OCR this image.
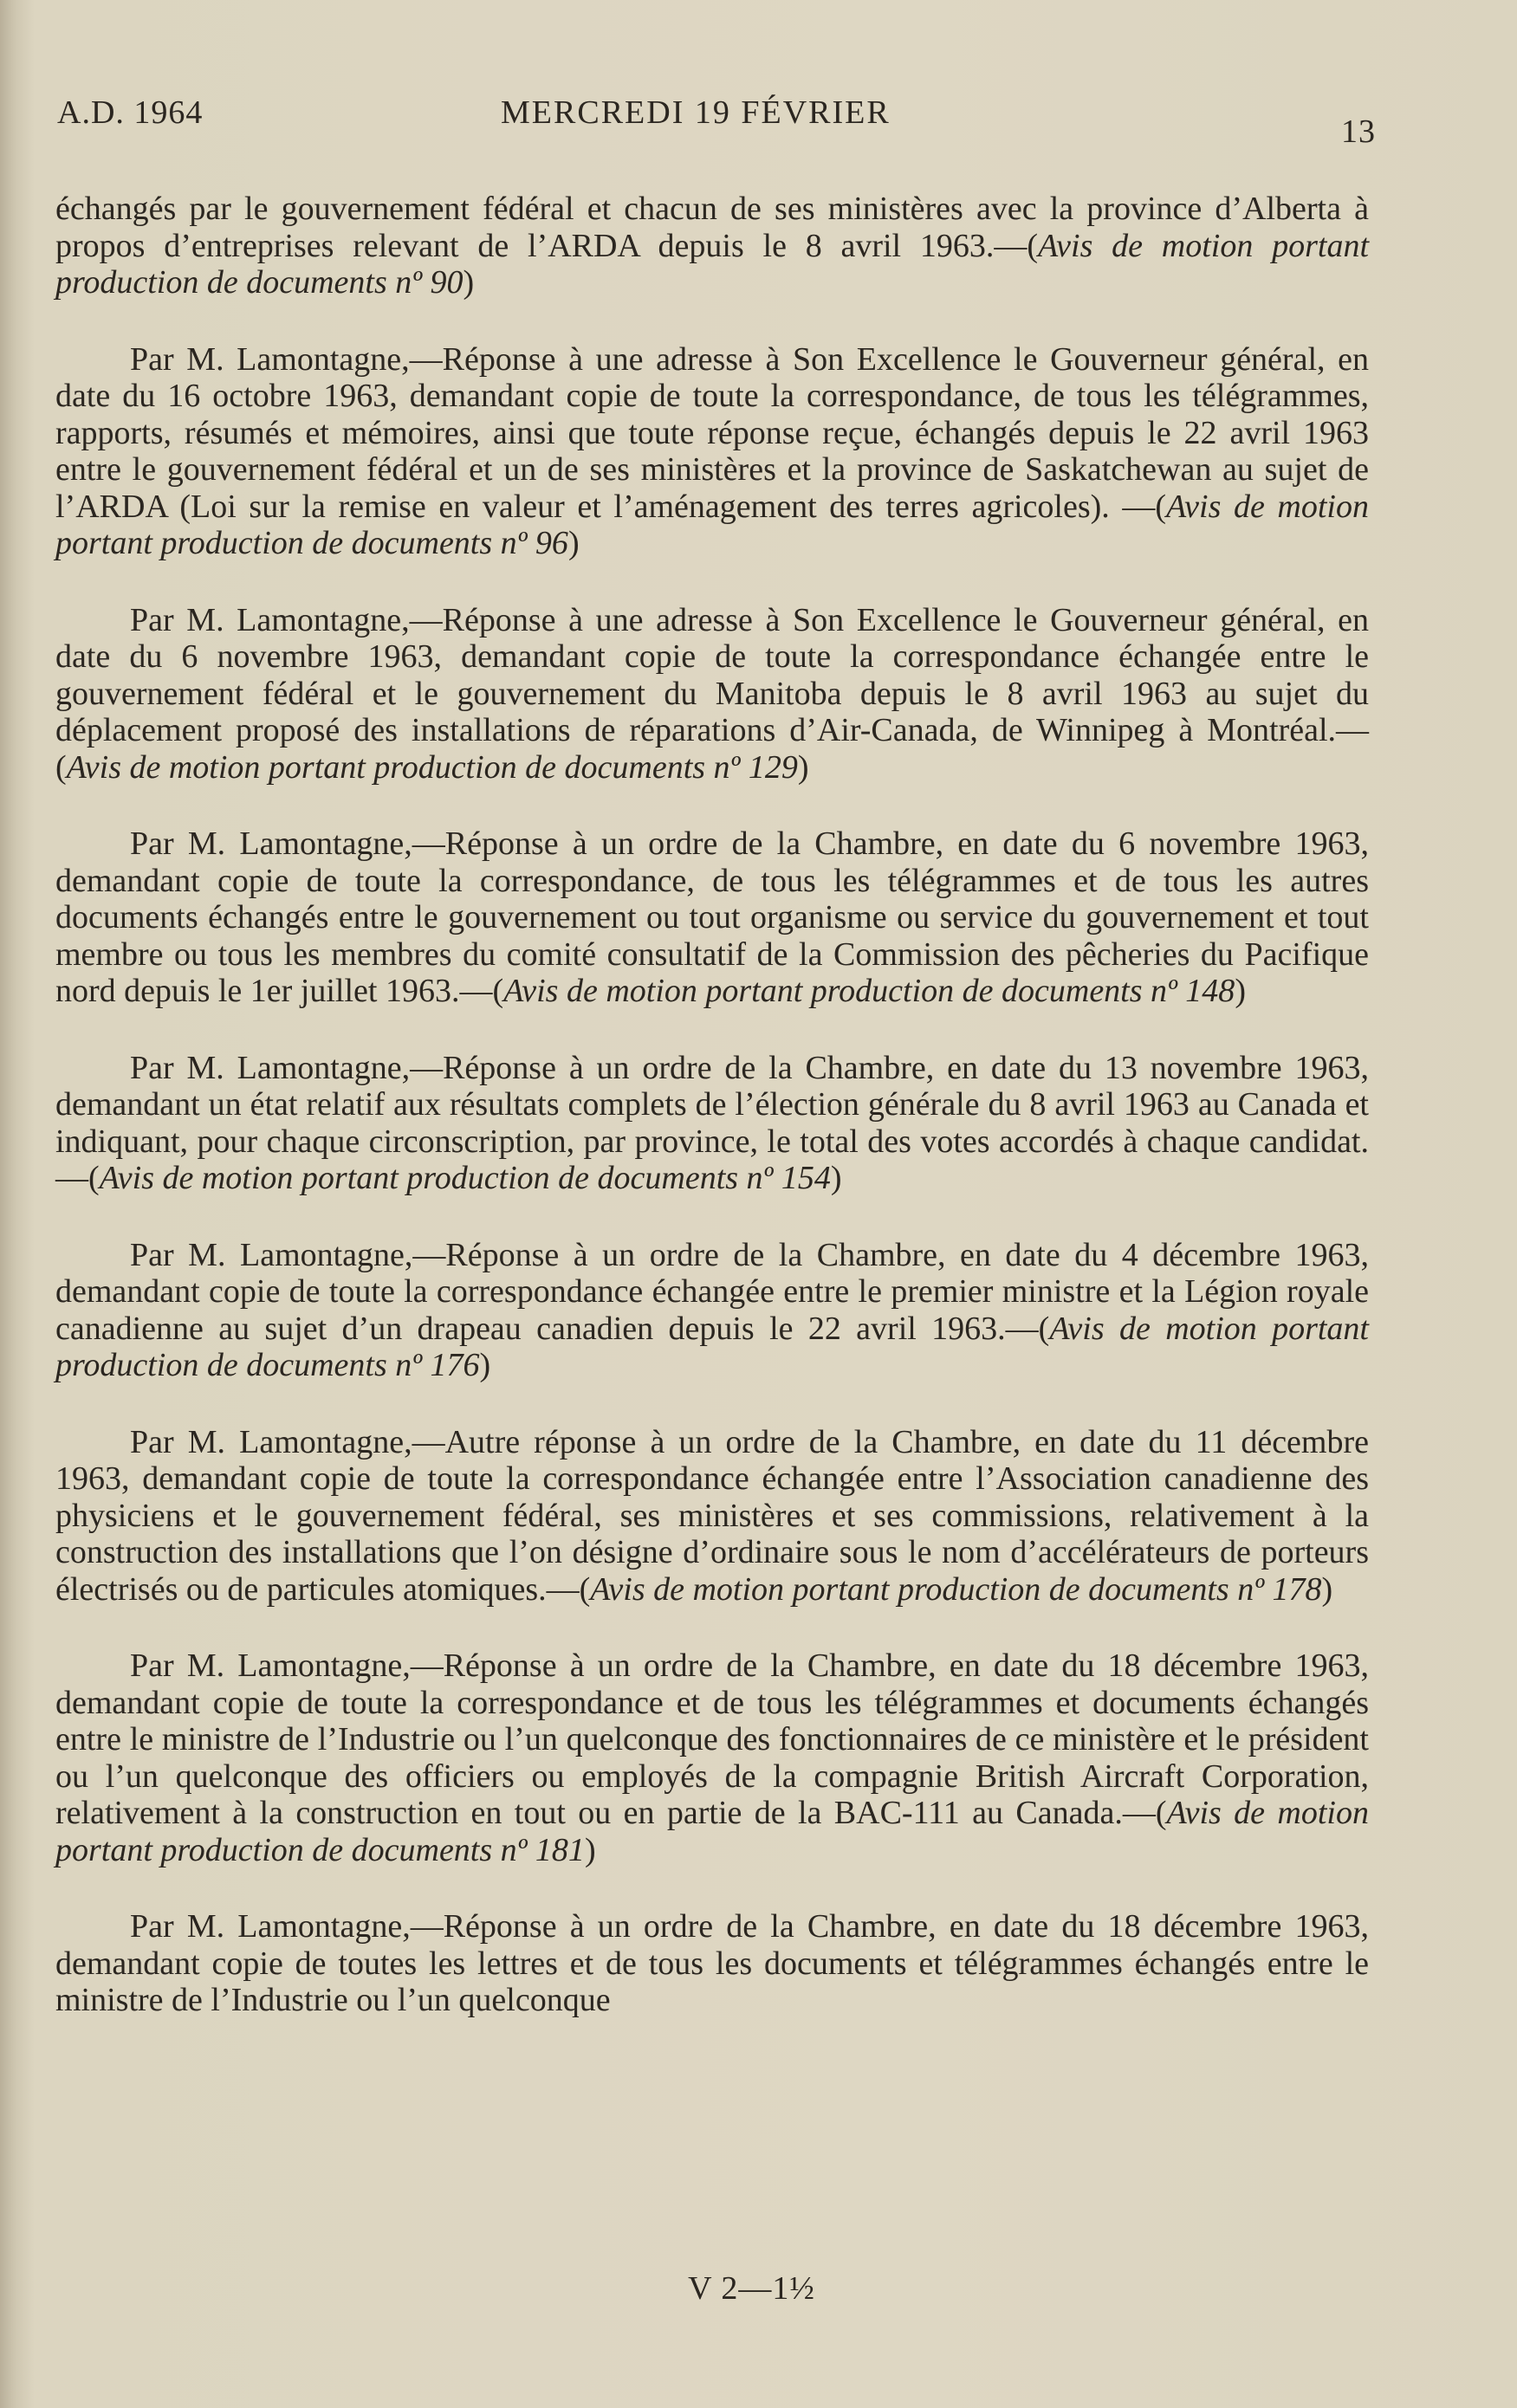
A.D. 1964	MERCREDI 19 FÉVRIER
13

échangés par le gouvernement fédéral et chacun de ses ministères avec la province d’Alberta à propos d’entreprises relevant de l’ARDA depuis le 8 avril 1963.—(Avis de motion portant production de documents nº 90)

Par M. Lamontagne,—Réponse à une adresse à Son Excellence le Gouverneur général, en date du 16 octobre 1963, demandant copie de toute la correspondance, de tous les télégrammes, rapports, résumés et mémoires, ainsi que toute réponse reçue, échangés depuis le 22 avril 1963 entre le gouvernement fédéral et un de ses ministères et la province de Saskatchewan au sujet de l’ARDA (Loi sur la remise en valeur et l’aménagement des terres agricoles). —(Avis de motion portant production de documents nº 96)

Par M. Lamontagne,—Réponse à une adresse à Son Excellence le Gouverneur général, en date du 6 novembre 1963, demandant copie de toute la correspondance échangée entre le gouvernement fédéral et le gouvernement du Manitoba depuis le 8 avril 1963 au sujet du déplacement proposé des installations de réparations d’Air-Canada, de Winnipeg à Montréal.—(Avis de motion portant production de documents nº 129)

Par M. Lamontagne,—Réponse à un ordre de la Chambre, en date du 6 novembre 1963, demandant copie de toute la correspondance, de tous les télégrammes et de tous les autres documents échangés entre le gouvernement ou tout organisme ou service du gouvernement et tout membre ou tous les membres du comité consultatif de la Commission des pêcheries du Pacifique nord depuis le 1er juillet 1963.—(Avis de motion portant production de documents nº 148)

Par M. Lamontagne,—Réponse à un ordre de la Chambre, en date du 13 novembre 1963, demandant un état relatif aux résultats complets de l’élection générale du 8 avril 1963 au Canada et indiquant, pour chaque circonscription, par province, le total des votes accordés à chaque candidat.—(Avis de motion portant production de documents nº 154)

Par M. Lamontagne,—Réponse à un ordre de la Chambre, en date du 4 décembre 1963, demandant copie de toute la correspondance échangée entre le premier ministre et la Légion royale canadienne au sujet d’un drapeau canadien depuis le 22 avril 1963.—(Avis de motion portant production de documents nº 176)

Par M. Lamontagne,—Autre réponse à un ordre de la Chambre, en date du 11 décembre 1963, demandant copie de toute la correspondance échangée entre l’Association canadienne des physiciens et le gouvernement fédéral, ses ministères et ses commissions, relativement à la construction des installations que l’on désigne d’ordinaire sous le nom d’accélérateurs de porteurs électrisés ou de particules atomiques.—(Avis de motion portant production de documents nº 178)

Par M. Lamontagne,—Réponse à un ordre de la Chambre, en date du 18 décembre 1963, demandant copie de toute la correspondance et de tous les télégrammes et documents échangés entre le ministre de l’Industrie ou l’un quelconque des fonctionnaires de ce ministère et le président ou l’un quelconque des officiers ou employés de la compagnie British Aircraft Corporation, relativement à la construction en tout ou en partie de la BAC-111 au Canada.—(Avis de motion portant production de documents nº 181)

Par M. Lamontagne,—Réponse à un ordre de la Chambre, en date du 18 décembre 1963, demandant copie de toutes les lettres et de tous les documents et télégrammes échangés entre le ministre de l’Industrie ou l’un quelconque

V 2—1½
